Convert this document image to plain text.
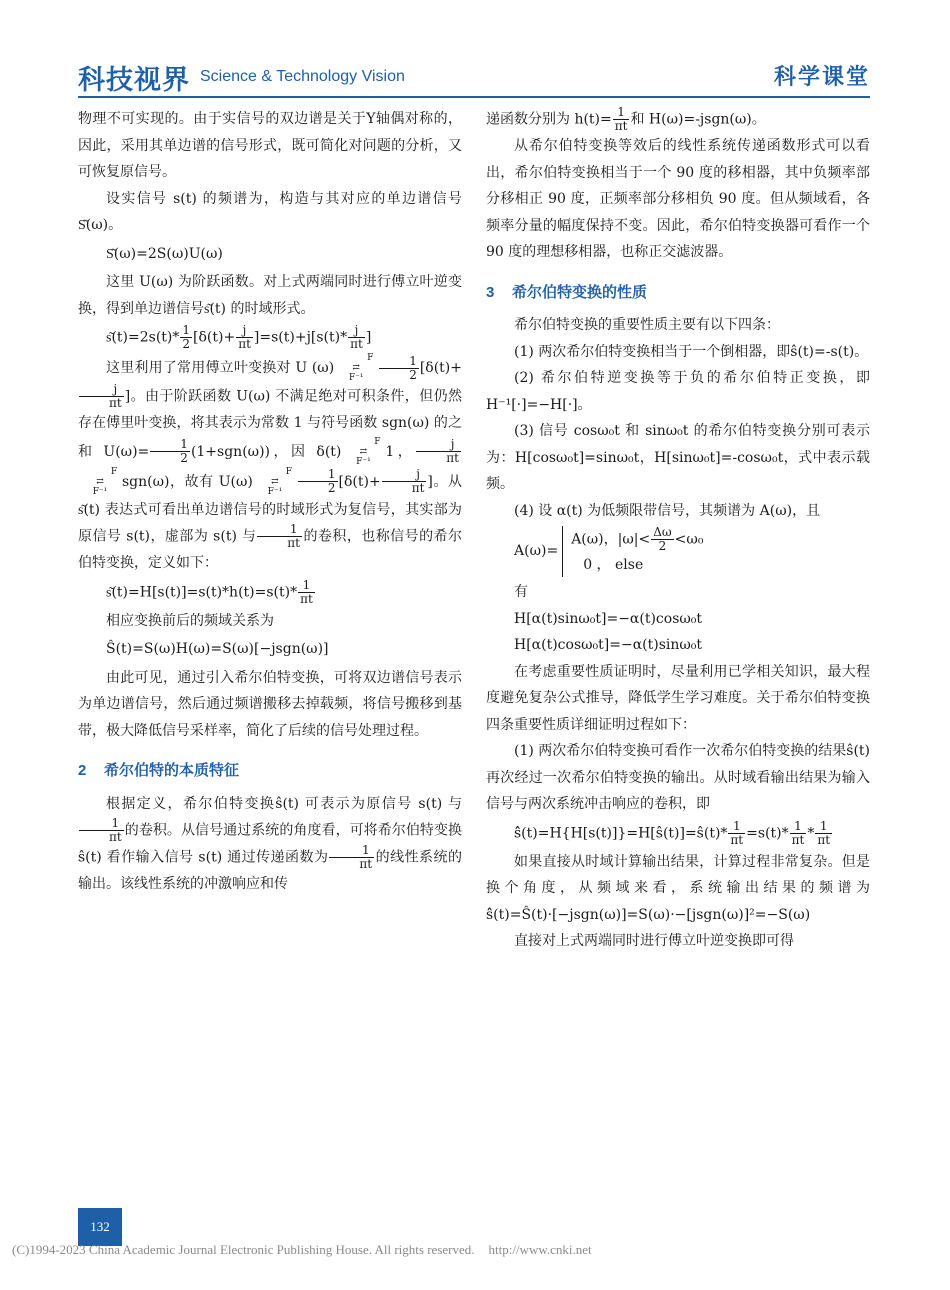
科技视界 Science & Technology Vision	科学课堂

物理不可实现的。由于实信号的双边谱是关于Y轴偶对称的，因此，采用其单边谱的信号形式，既可简化对问题的分析，又可恢复原信号。

设实信号 s(t) 的频谱为，构造与其对应的单边谱信号S͂(ω)。

S͂(ω)=2S(ω)U(ω)

这里 U(ω) 为阶跃函数。对上式两端同时进行傅立叶逆变换，得到单边谱信号s͂(t) 的时域形式。

s͂(t)=2s(t)* $\frac{1}{2} [\delta(t)+ \frac{j}{\pi t} ]=s(t)+j[s(t)* \frac{j}{\pi t}$ ]

这里利用了常用傅立叶变换对 U (ω)F
⇄
$F^{-1} \frac{1}{2} [\delta(t)+$
$\frac{j}{\pi t}$ ]。由于阶跃函数 U(ω) 不满足绝对可积条件，但仍然存在傅里叶变换，将其表示为常数 1 与符号函数 sgn(ω) 的之和 $U(\omega)= \frac{1}{2} (1+sgn(\omega))$，因 δ(t)F
⇄
F⁻¹1， $\frac{j}{\pi t}$
F
⇄
F⁻¹sgn(ω)，故有 U(ω)F
⇄
$F^{-1} \frac{1}{2} [\delta(t)+ \frac{j}{\pi t}$ ]。从s͂(t) 表达式可看出单边谱信号的时域形式为复信号，其实部为原信号 s(t)，虚部为 s(t) 与 $\frac{1}{\pi t}$ 的卷积，也称信号的希尔伯特变换，定义如下：

s͂(t)=H[s(t)]=s(t)*h(t)=s(t)* $\frac{1}{\pi t}$

相应变换前后的频域关系为

Ŝ(t)=S(ω)H(ω)=S(ω)[−jsgn(ω)]

由此可见，通过引入希尔伯特变换，可将双边谱信号表示为单边谱信号，然后通过频谱搬移去掉载频，将信号搬移到基带，极大降低信号采样率，简化了后续的信号处理过程。

2 希尔伯特的本质特征

根据定义，希尔伯特变换ŝ(t) 可表示为原信号 s(t) 与
$\frac{1}{\pi t}$ 的卷积。从信号通过系统的角度看，可将希尔伯特变换ŝ(t) 看作输入信号 s(t) 通过传递函数为 $\frac{1}{\pi t}$ 的线性系统的输出。该线性系统的冲激响应和传

递函数分别为 $h(t)= \frac{1}{\pi t}$ 和 H(ω)=-jsgn(ω)。

从希尔伯特变换等效后的线性系统传递函数形式可以看出，希尔伯特变换相当于一个 90 度的移相器，其中负频率部分移相正 90 度，正频率部分移相负 90 度。但从频域看，各频率分量的幅度保持不变。因此，希尔伯特变换器可看作一个 90 度的理想移相器，也称正交滤波器。

3 希尔伯特变换的性质

希尔伯特变换的重要性质主要有以下四条：

(1) 两次希尔伯特变换相当于一个倒相器，即ŝ(t)=-s(t)。

(2) 希尔伯特逆变换等于负的希尔伯特正变换，即 H⁻¹[·]=−H[·]。

(3) 信号 cosω₀t 和 sinω₀t 的希尔伯特变换分别可表示为：H[cosω₀t]=sinω₀t，H[sinω₀t]=-cosω₀t，式中表示载频。

(4) 设 α(t) 为低频限带信号，其频谱为 A(ω)，且

A(ω)=
A(ω)，$|\omega|< \frac{\Delta\omega}{2} <\omega_0$
0 ， else

有

H[α(t)sinω₀t]=−α(t)cosω₀t

H[α(t)cosω₀t]=−α(t)sinω₀t

在考虑重要性质证明时，尽量利用已学相关知识，最大程度避免复杂公式推导，降低学生学习难度。关于希尔伯特变换四条重要性质详细证明过程如下：

(1) 两次希尔伯特变换可看作一次希尔伯特变换的结果ŝ(t) 再次经过一次希尔伯特变换的输出。从时域看输出结果为输入信号与两次系统冲击响应的卷积，即

ŝ̂(t)=H{H[s(t)]}=H[ŝ(t)]=ŝ(t)* $\frac{1}{\pi t} =s(t)* \frac{1}{\pi t} * \frac{1}{\pi t}$

如果直接从时域计算输出结果，计算过程非常复杂。但是换个角度，从频域来看，系统输出结果的频谱为ŝ̂(t)=Ŝ(t)·[−jsgn(ω)]=S(ω)·−[jsgn(ω)]²=−S(ω)

直接对上式两端同时进行傅立叶逆变换即可得

132
(C)1994-2023 China Academic Journal Electronic Publishing House. All rights reserved. http://www.cnki.net
